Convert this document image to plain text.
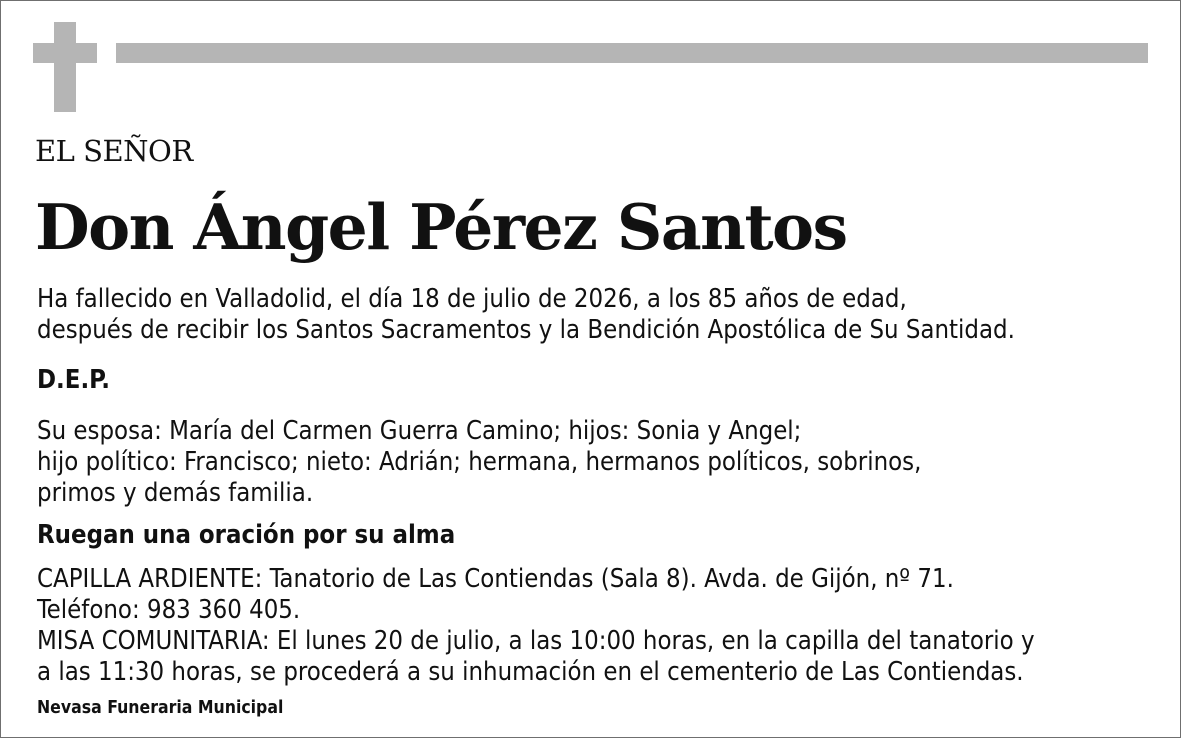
EL SEÑOR
Don Ángel Pérez Santos
Ha fallecido en Valladolid, el día 18 de julio de 2026, a los 85 años de edad,
después de recibir los Santos Sacramentos y la Bendición Apostólica de Su Santidad.
D.E.P.
Su esposa: María del Carmen Guerra Camino; hijos: Sonia y Angel;
hijo político: Francisco; nieto: Adrián; hermana, hermanos políticos, sobrinos,
primos y demás familia.
Ruegan una oración por su alma
CAPILLA ARDIENTE: Tanatorio de Las Contiendas (Sala 8). Avda. de Gijón, nº 71.
Teléfono: 983 360 405.
MISA COMUNITARIA: El lunes 20 de julio, a las 10:00 horas, en la capilla del tanatorio y
a las 11:30 horas, se procederá a su inhumación en el cementerio de Las Contiendas.
Nevasa Funeraria Municipal
